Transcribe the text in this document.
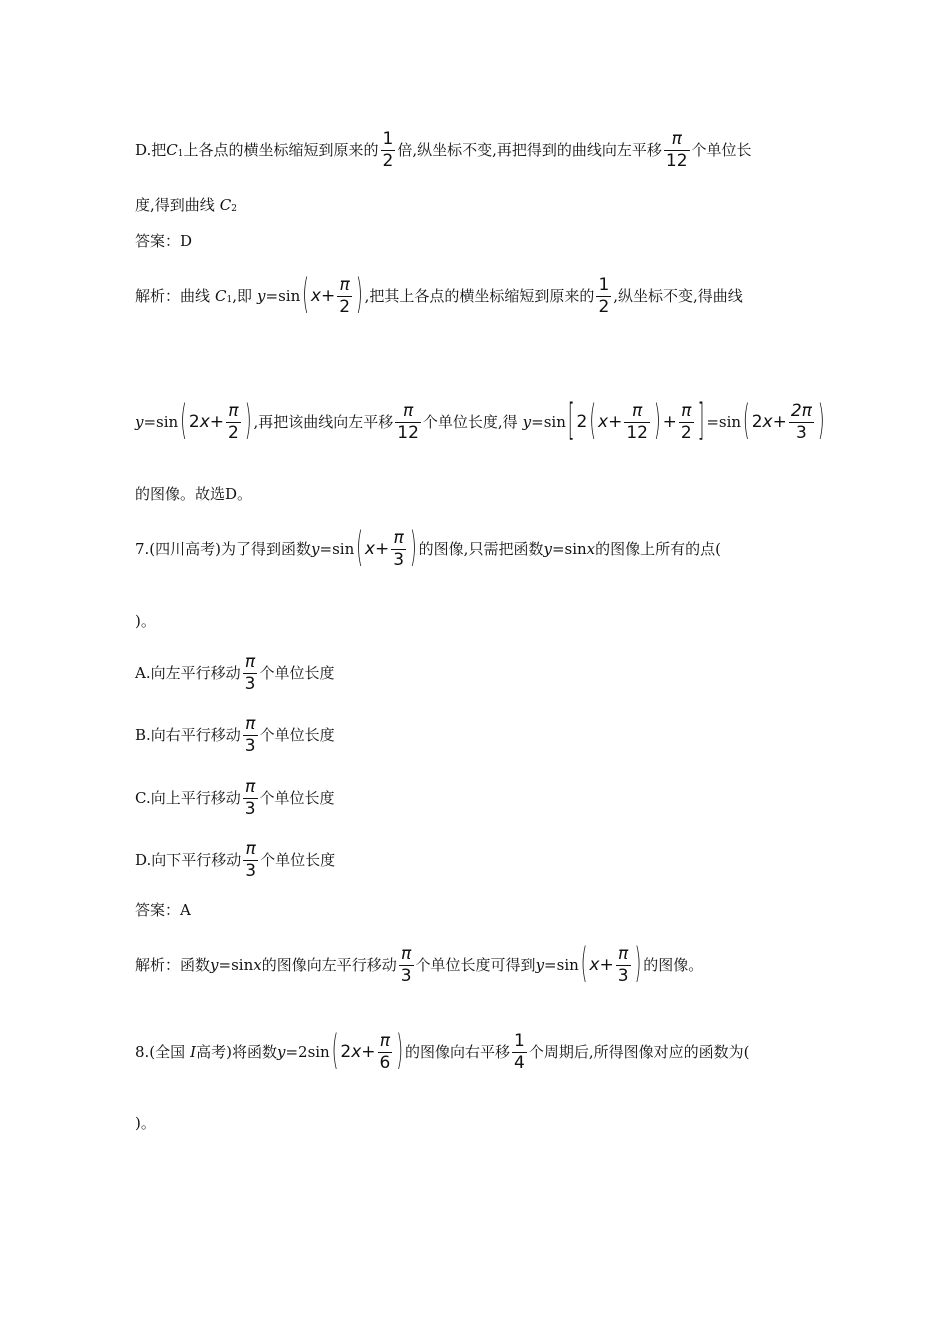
D.把 C 1 上各点的横坐标缩短到原来的 $\frac{1}{2}$ 倍,纵坐标不变,再把得到的曲线向左平移 $\frac{\pi}{12}$ 个单位长
度,得到曲线 C 2
答案：D
解析：曲线 C 1 ,即 y =sin ( $x + \frac{\pi}{2}$ ) ,把其上各点的横坐标缩短到原来的 $\frac{1}{2}$ ,纵坐标不变,得曲线
y =sin ( 2 $x + \frac{\pi}{2}$ ) ,再把该曲线向左平移 $\frac{\pi}{12}$ 个单位长度,得 y =sin [ 2 ( $x + \frac{\pi}{12}$ ) + $\frac{\pi}{2}$ ] =sin ( 2 $x + \frac{2\pi}{3}$ )
的图像。故选D。
7.(四川高考)为了得到函数 y =sin ( $x + \frac{\pi}{3}$ ) 的图像,只需把函数 y =sin x 的图像上所有的点(
)。
A.向左平行移动 $\frac{\pi}{3}$ 个单位长度
B.向右平行移动 $\frac{\pi}{3}$ 个单位长度
C.向上平行移动 $\frac{\pi}{3}$ 个单位长度
D.向下平行移动 $\frac{\pi}{3}$ 个单位长度
答案：A
解析：函数 y =sin x 的图像向左平行移动 $\frac{\pi}{3}$ 个单位长度可得到 y =sin ( $x + \frac{\pi}{3}$ ) 的图像。
8.(全国 I 高考)将函数 y =2sin ( 2 $x + \frac{\pi}{6}$ ) 的图像向右平移 $\frac{1}{4}$ 个周期后,所得图像对应的函数为(
)。
